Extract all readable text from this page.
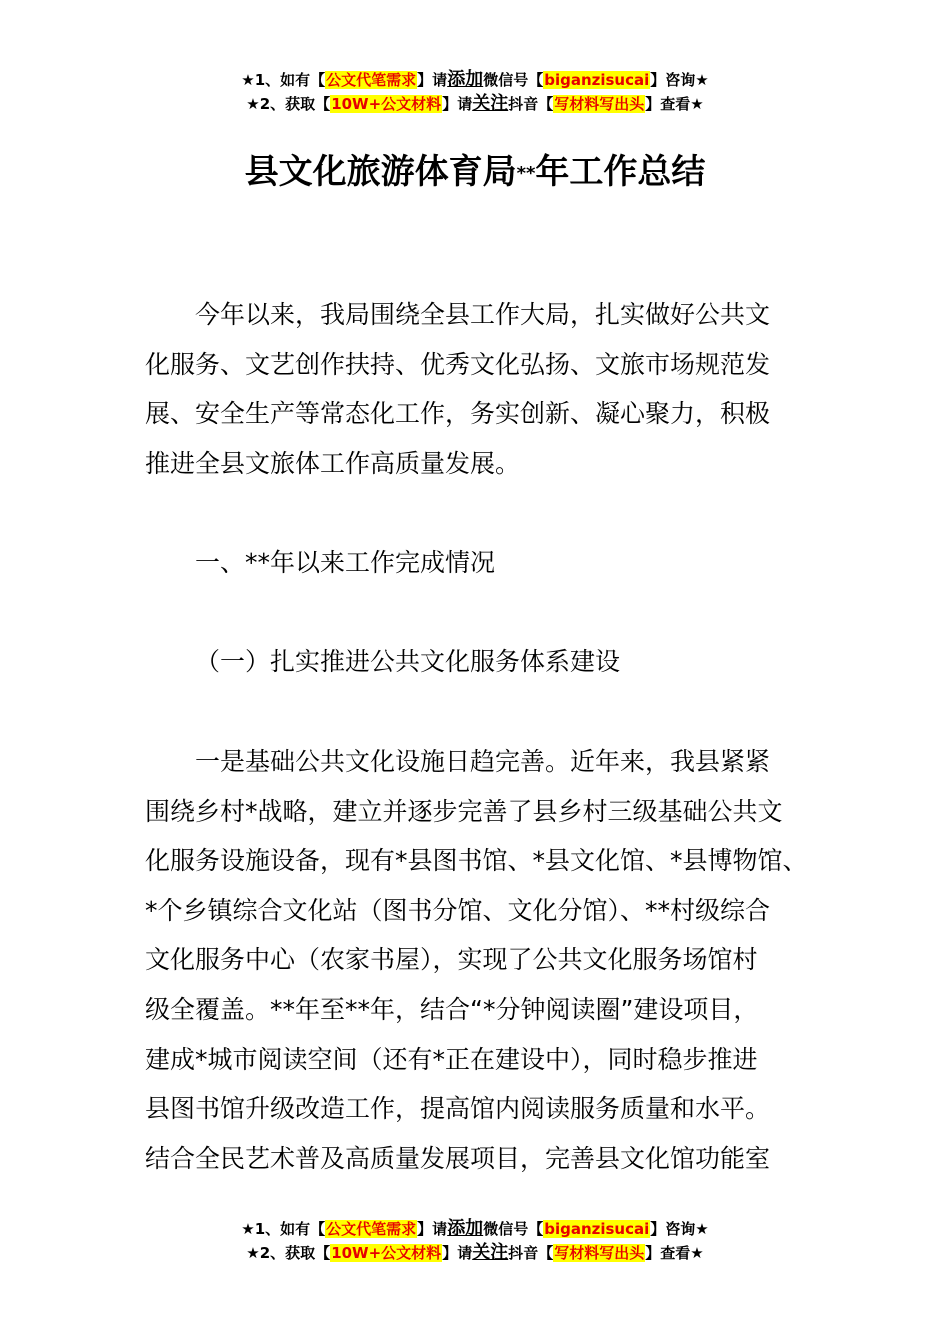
★1、如有【公文代笔需求】请添加微信号【biganzisucai】咨询★
★2、获取【10W+公文材料】请关注抖音【写材料写出头】查看★
县文化旅游体育局**年工作总结
今年以来，我局围绕全县工作大局，扎实做好公共文
化服务、文艺创作扶持、优秀文化弘扬、文旅市场规范发
展、安全生产等常态化工作，务实创新、凝心聚力，积极
推进全县文旅体工作高质量发展。
一、**年以来工作完成情况
（一）扎实推进公共文化服务体系建设
一是基础公共文化设施日趋完善。近年来，我县紧紧
围绕乡村*战略，建立并逐步完善了县乡村三级基础公共文
化服务设施设备，现有*县图书馆、*县文化馆、*县博物馆、
*个乡镇综合文化站（图书分馆、文化分馆）、**村级综合
文化服务中心（农家书屋），实现了公共文化服务场馆村
级全覆盖。**年至**年，结合“*分钟阅读圈”建设项目，
建成*城市阅读空间（还有*正在建设中），同时稳步推进
县图书馆升级改造工作，提高馆内阅读服务质量和水平。
结合全民艺术普及高质量发展项目，完善县文化馆功能室
★1、如有【公文代笔需求】请添加微信号【biganzisucai】咨询★
★2、获取【10W+公文材料】请关注抖音【写材料写出头】查看★
